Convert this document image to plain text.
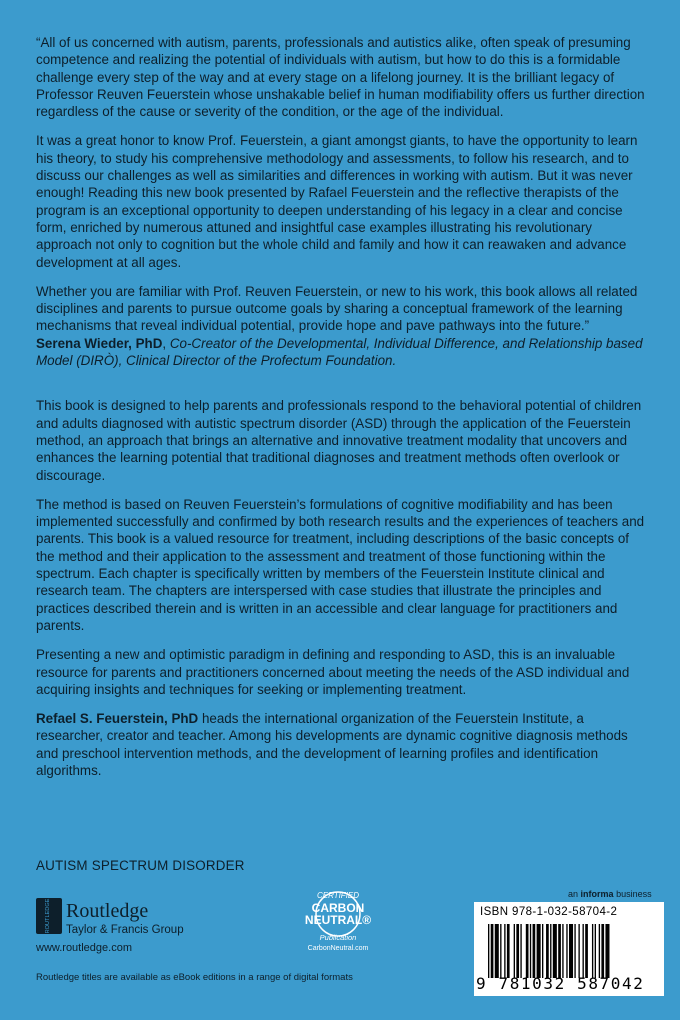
“All of us concerned with autism, parents, professionals and autistics alike, often speak of presuming competence and realizing the potential of individuals with autism, but how to do this is a formidable challenge every step of the way and at every stage on a lifelong journey. It is the brilliant legacy of Professor Reuven Feuerstein whose unshakable belief in human modifiability offers us further direction regardless of the cause or severity of the condition, or the age of the individual.

It was a great honor to know Prof. Feuerstein, a giant amongst giants, to have the opportunity to learn his theory, to study his comprehensive methodology and assessments, to follow his research, and to discuss our challenges as well as similarities and differences in working with autism. But it was never enough! Reading this new book presented by Rafael Feuerstein and the reflective therapists of the program is an exceptional opportunity to deepen understanding of his legacy in a clear and concise form, enriched by numerous attuned and insightful case examples illustrating his revolutionary approach not only to cognition but the whole child and family and how it can reawaken and advance development at all ages.

Whether you are familiar with Prof. Reuven Feuerstein, or new to his work, this book allows all related disciplines and parents to pursue outcome goals by sharing a conceptual framework of the learning mechanisms that reveal individual potential, provide hope and pave pathways into the future.”

Serena Wieder, PhD, Co-Creator of the Developmental, Individual Difference, and Relationship based Model (DIRÒ), Clinical Director of the Profectum Foundation.

This book is designed to help parents and professionals respond to the behavioral potential of children and adults diagnosed with autistic spectrum disorder (ASD) through the application of the Feuerstein method, an approach that brings an alternative and innovative treatment modality that uncovers and enhances the learning potential that traditional diagnoses and treatment methods often overlook or discourage.

The method is based on Reuven Feuerstein’s formulations of cognitive modifiability and has been implemented successfully and confirmed by both research results and the experiences of teachers and parents. This book is a valued resource for treatment, including descriptions of the basic concepts of the method and their application to the assessment and treatment of those functioning within the spectrum. Each chapter is specifically written by members of the Feuerstein Institute clinical and research team. The chapters are interspersed with case studies that illustrate the principles and practices described therein and is written in an accessible and clear language for practitioners and parents.

Presenting a new and optimistic paradigm in defining and responding to ASD, this is an invaluable resource for parents and practitioners concerned about meeting the needs of the ASD individual and acquiring insights and techniques for seeking or implementing treatment.

Refael S. Feuerstein, PhD heads the international organization of the Feuerstein Institute, a researcher, creator and teacher. Among his developments are dynamic cognitive diagnosis methods and preschool intervention methods, and the development of learning profiles and identification algorithms.

AUTISM SPECTRUM DISORDER
ROUTLEDGE Routledge
Taylor & Francis Group
www.routledge.com
CERTIFIED
CARBON NEUTRAL®
Publication
CarbonNeutral.com
an informa business
ISBN 978-1-032-58704-2
9 781032 587042
Routledge titles are available as eBook editions in a range of digital formats
